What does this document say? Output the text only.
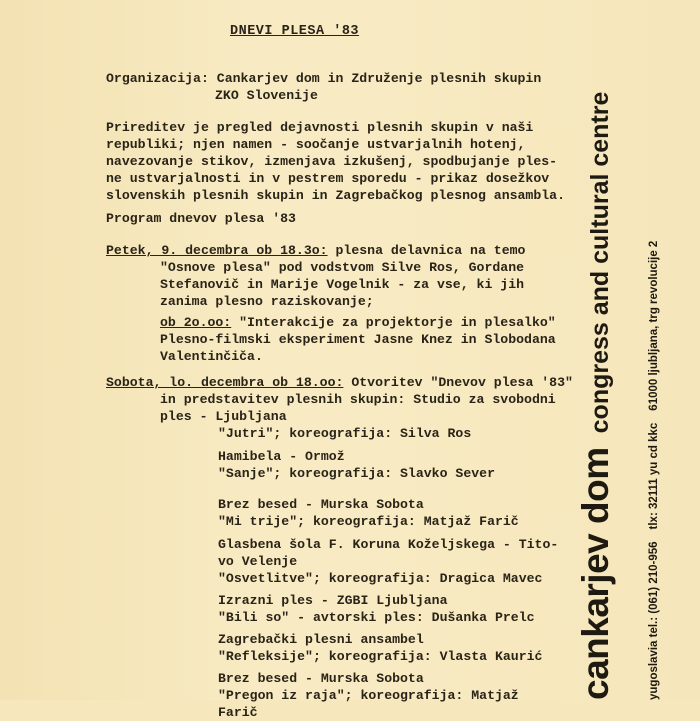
DNEVI PLESA '83
Organizacija: Cankarjev dom in Združenje plesnih skupin
ZKO Slovenije
Prireditev je pregled dejavnosti plesnih skupin v naši
republiki; njen namen - soočanje ustvarjalnih hotenj,
navezovanje stikov, izmenjava izkušenj, spodbujanje ples-
ne ustvarjalnosti in v pestrem sporedu - prikaz dosežkov
slovenskih plesnih skupin in Zagrebačkog plesnog ansambla.
Program dnevov plesa '83
Petek, 9. decembra ob 18.3o: plesna delavnica na temo
"Osnove plesa" pod vodstvom Silve Ros, Gordane
Stefanovič in Marije Vogelnik - za vse, ki jih
zanima plesno raziskovanje;
ob 2o.oo: "Interakcije za projektorje in plesalko"
Plesno-filmski eksperiment Jasne Knez in Slobodana
Valentinčiča.
Sobota, lo. decembra ob 18.oo: Otvoritev "Dnevov plesa '83"
in predstavitev plesnih skupin: Studio za svobodni
ples - Ljubljana
"Jutri"; koreografija: Silva Ros
Hamibela - Ormož
"Sanje"; koreografija: Slavko Sever
Brez besed - Murska Sobota
"Mi trije"; koreografija: Matjaž Farič
Glasbena šola F. Koruna Koželjskega - Tito-
vo Velenje
"Osvetlitve"; koreografija: Dragica Mavec
Izrazni ples - ZGBI Ljubljana
"Bili so" - avtorski ples: Dušanka Prelc
Zagrebački plesni ansambel
"Refleksije"; koreografija: Vlasta Kaurić
Brez besed - Murska Sobota
"Pregon iz raja"; koreografija: Matjaž
Farič
cankarjev domcongress and cultural centre
yugoslavia tel.: (061) 210-956tlx: 32111 yu cd kkc61000 ljubljana, trg revolucije 2
